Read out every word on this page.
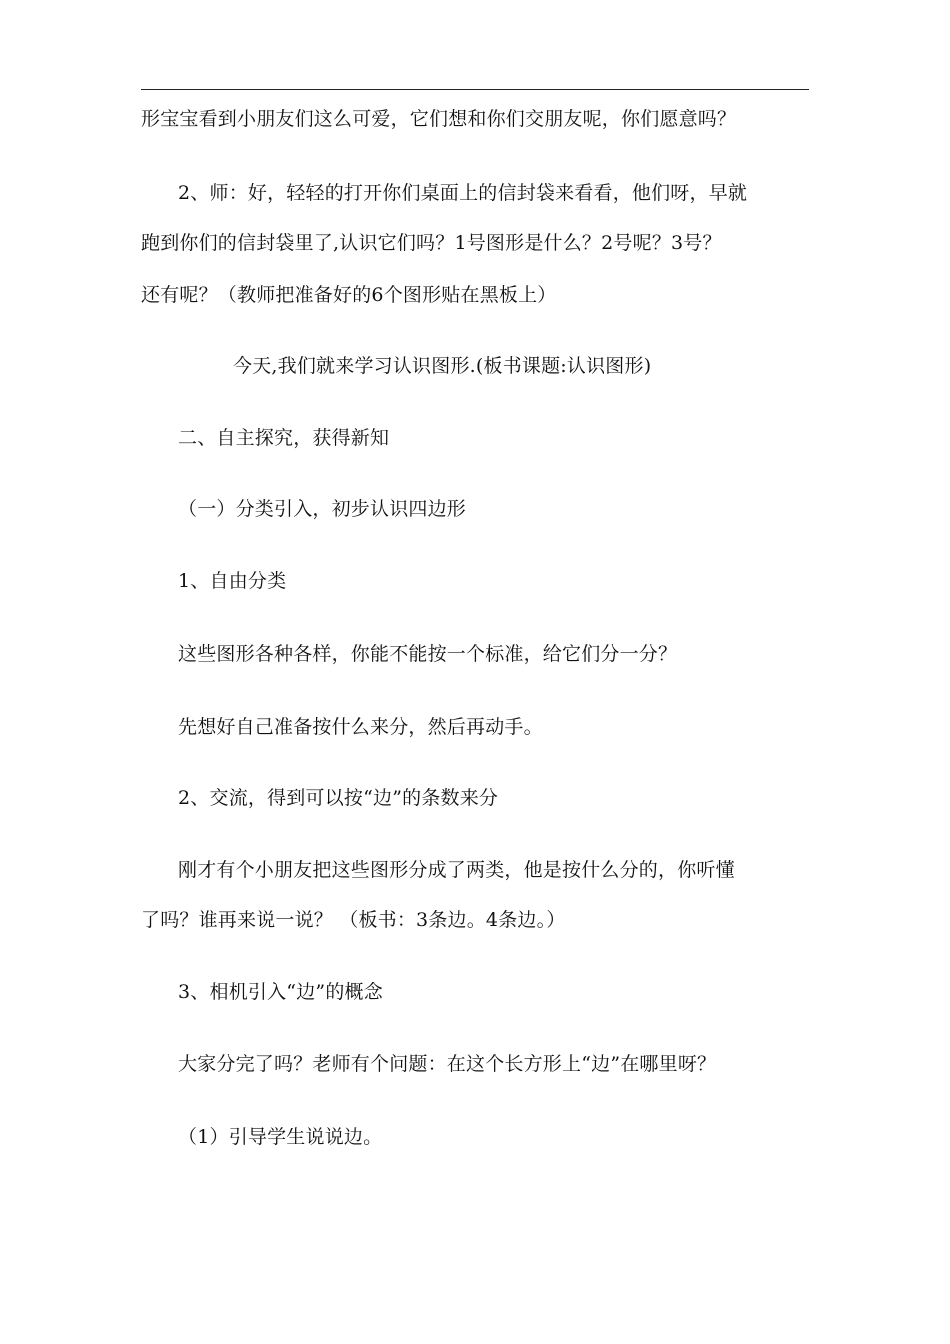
形宝宝看到小朋友们这么可爱，它们想和你们交朋友呢，你们愿意吗？
2、师：好，轻轻的打开你们桌面上的信封袋来看看，他们呀，早就
跑到你们的信封袋里了,认识它们吗？1号图形是什么？2号呢？3号？
还有呢？（教师把准备好的6个图形贴在黑板上）
今天,我们就来学习认识图形.(板书课题:认识图形)
二、自主探究，获得新知
（一）分类引入，初步认识四边形
1、自由分类
这些图形各种各样，你能不能按一个标准，给它们分一分？
先想好自己准备按什么来分，然后再动手。
2、交流，得到可以按“边”的条数来分
刚才有个小朋友把这些图形分成了两类，他是按什么分的，你听懂
了吗？谁再来说一说？ （板书：3条边。4条边。）
3、相机引入“边”的概念
大家分完了吗？老师有个问题：在这个长方形上“边”在哪里呀？
（1）引导学生说说边。
